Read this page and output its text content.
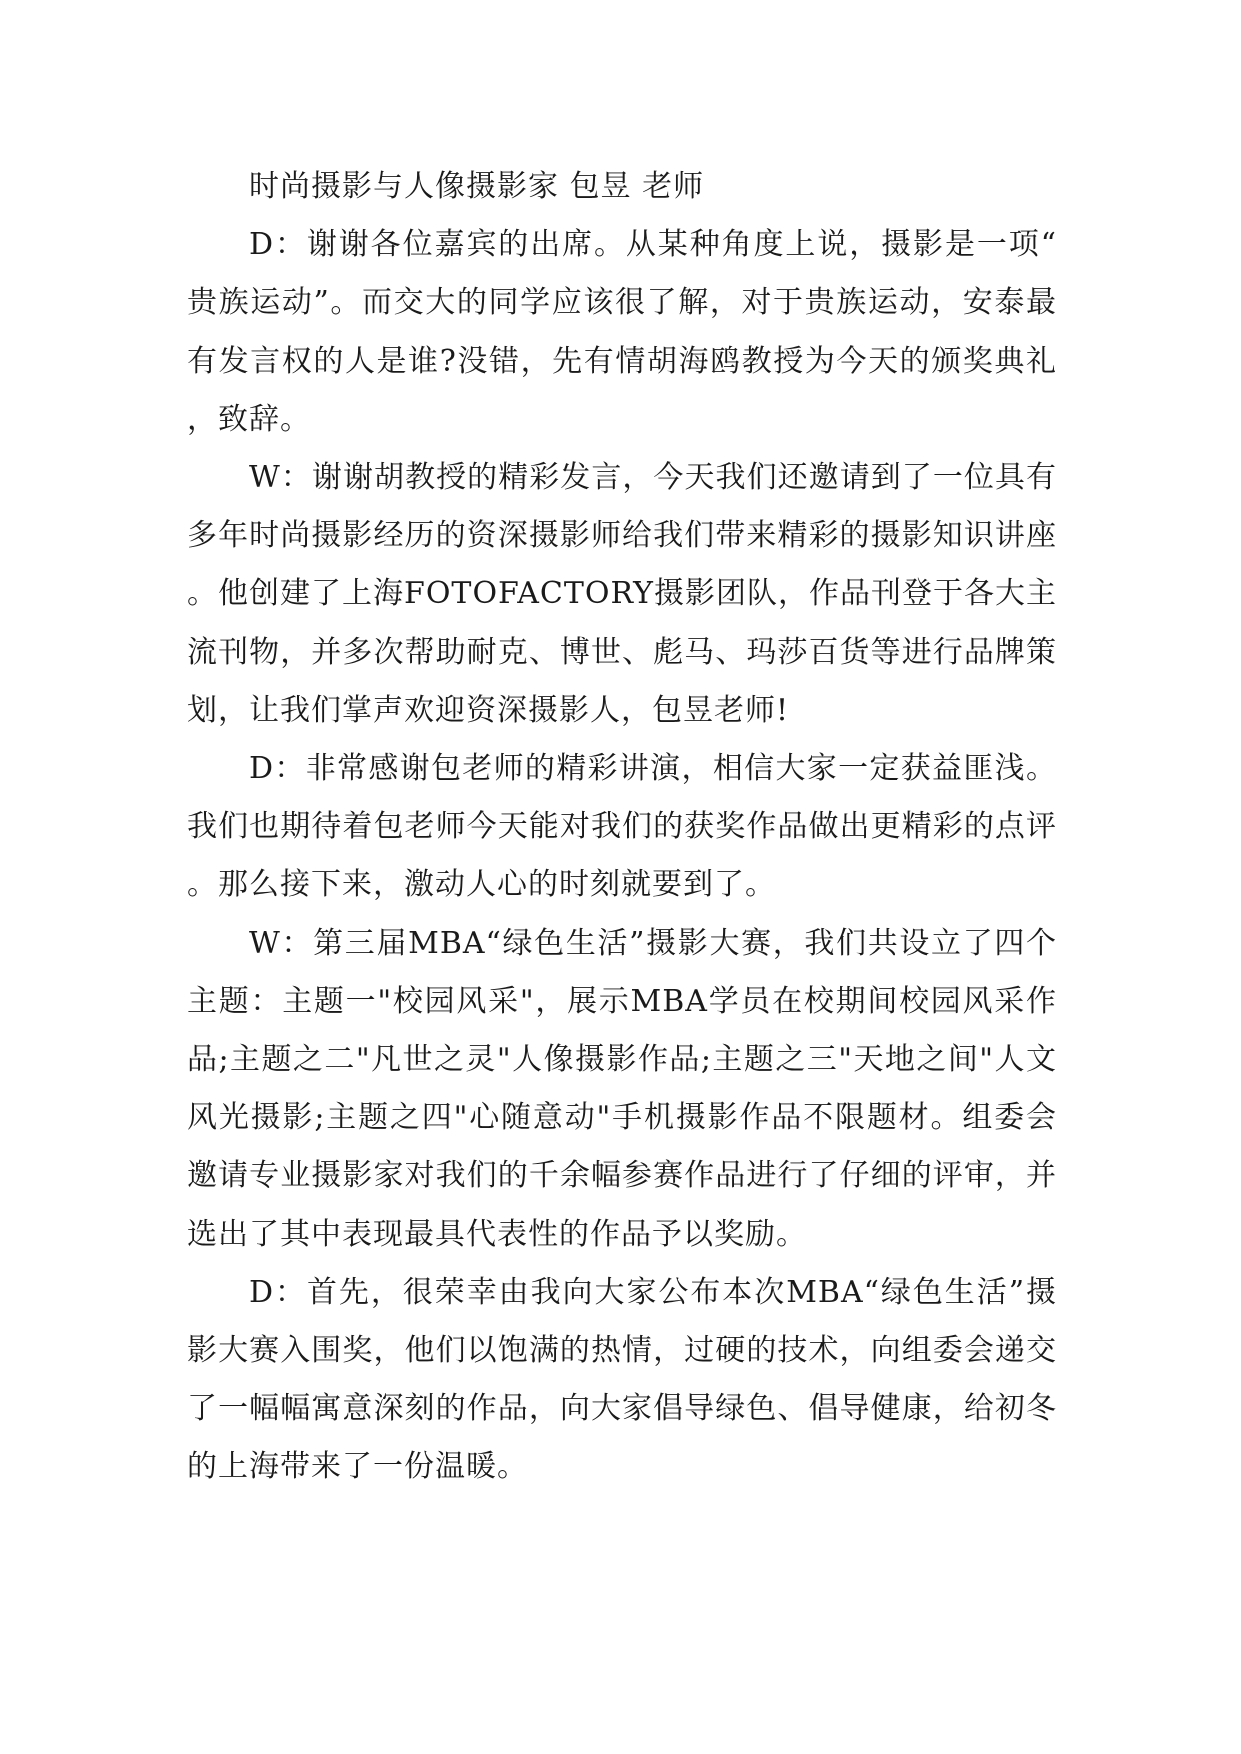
时尚摄影与人像摄影家 包昱 老师

D：谢谢各位嘉宾的出席。从某种角度上说，摄影是一项“贵族运动”。而交大的同学应该很了解，对于贵族运动，安泰最有发言权的人是谁?没错，先有情胡海鸥教授为今天的颁奖典礼，致辞。

W：谢谢胡教授的精彩发言，今天我们还邀请到了一位具有多年时尚摄影经历的资深摄影师给我们带来精彩的摄影知识讲座。他创建了上海FOTOFACTORY摄影团队，作品刊登于各大主流刊物，并多次帮助耐克、博世、彪马、玛莎百货等进行品牌策划，让我们掌声欢迎资深摄影人，包昱老师!

D：非常感谢包老师的精彩讲演，相信大家一定获益匪浅。我们也期待着包老师今天能对我们的获奖作品做出更精彩的点评。那么接下来，激动人心的时刻就要到了。

W：第三届MBA“绿色生活”摄影大赛，我们共设立了四个主题：主题一"校园风采"，展示MBA学员在校期间校园风采作品;主题之二"凡世之灵"人像摄影作品;主题之三"天地之间"人文风光摄影;主题之四"心随意动"手机摄影作品不限题材。组委会邀请专业摄影家对我们的千余幅参赛作品进行了仔细的评审，并选出了其中表现最具代表性的作品予以奖励。

D：首先，很荣幸由我向大家公布本次MBA“绿色生活”摄影大赛入围奖，他们以饱满的热情，过硬的技术，向组委会递交了一幅幅寓意深刻的作品，向大家倡导绿色、倡导健康，给初冬的上海带来了一份温暖。
